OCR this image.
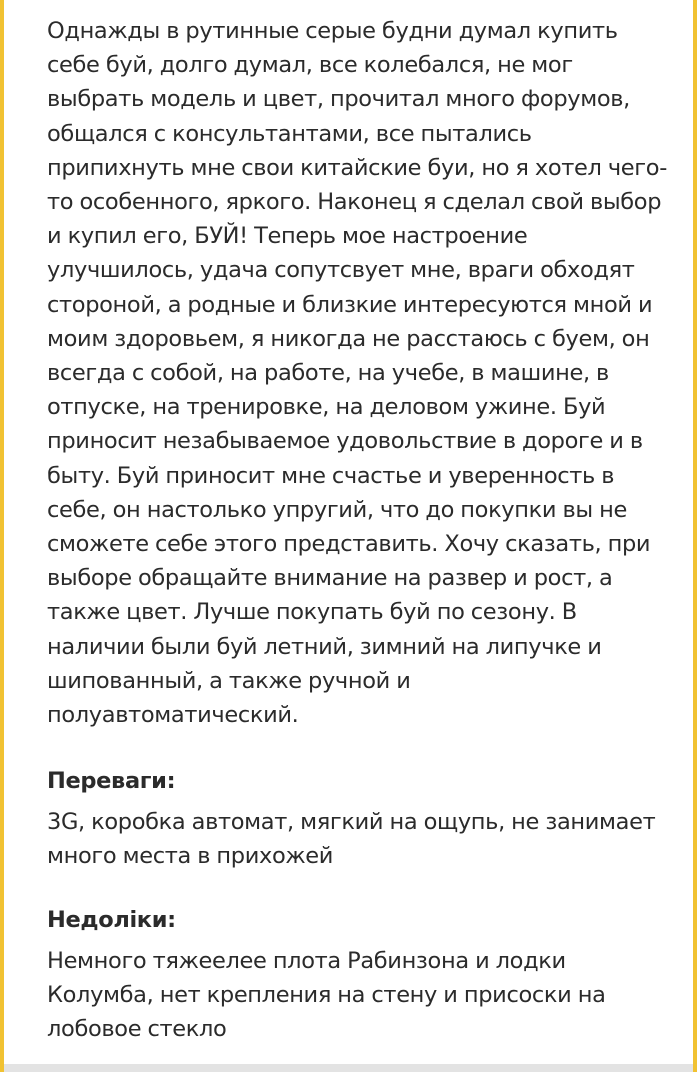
Однажды в рутинные серые будни думал купить себе буй, долго думал, все колебался, не мог выбрать модель и цвет, прочитал много форумов, общался с консультантами, все пытались припихнуть мне свои китайские буи, но я хотел чего-то особенного, яркого. Наконец я сделал свой выбор и купил его, БУЙ! Теперь мое настроение улучшилось, удача сопутсвует мне, враги обходят стороной, а родные и близкие интересуются мной и моим здоровьем, я никогда не расстаюсь с буем, он всегда с собой, на работе, на учебе, в машине, в отпуске, на тренировке, на деловом ужине. Буй приносит незабываемое удовольствие в дороге и в быту. Буй приносит мне счастье и уверенность в себе, он настолько упругий, что до покупки вы не сможете себе этого представить. Хочу сказать, при выборе обращайте внимание на развер и рост, а также цвет. Лучше покупать буй по сезону. В наличии были буй летний, зимний на липучке и шипованный, а также ручной и полуавтоматический.

Переваги:

3G, коробка автомат, мягкий на ощупь, не занимает много места в прихожей

Недоліки:

Немного тяжеелее плота Рабинзона и лодки Колумба, нет крепления на стену и присоски на лобовое стекло
